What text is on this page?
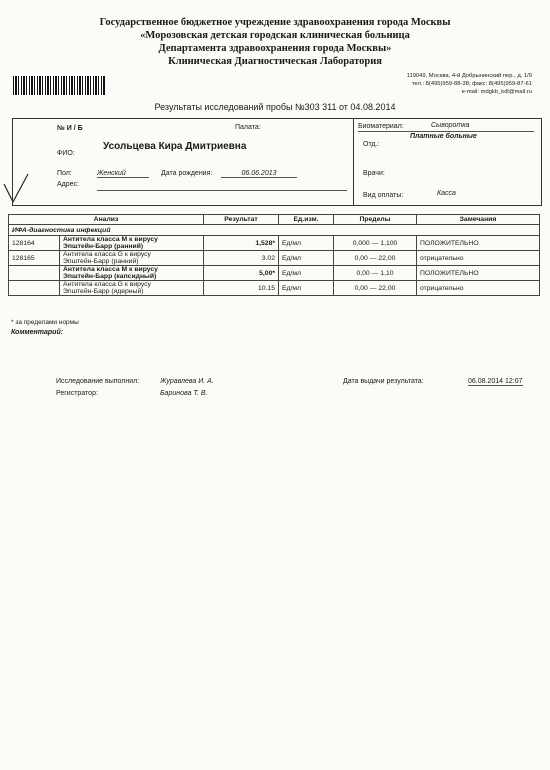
Государственное бюджетное учреждение здравоохранения города Москвы
«Морозовская детская городская клиническая больница
Департамента здравоохранения города Москвы»
Клиническая Диагностическая Лаборатория
119049, Москва, 4-й Добрынинский пер., д. 1/9
тел.: 8(495)959-88-38; факс: 8(495)959-87-61
e-mail: mdgkb_kdl@mail.ru
Результаты исследований пробы №303 311 от 04.08.2014
№ И / Б	Палата:
ФИО:
Усольцева Кира Дмитриевна
Пол:	Женский	Дата рождения:	06.06.2013
Адрес:
Биоматериал:	Сыворотка
Платные больные
Отд.:
Врачи:
Вид оплаты:	Касса
Анализ	Результат	Ед.изм.	Пределы	Замечания
ИФА-диагностика инфекций				

128164 Антитела класса М к вирусу
Эпштейн-Барр (ранний)	1,528*	Ед/мл	0,000 — 1,100	ПОЛОЖИТЕЛЬНО

128165 Антитела класса G к вирусу
Эпштейн-Барр (ранний)	3.02	Ед/мл	0,00 — 22,00	отрицательно

Антитела класса М к вирусу
Эпштейн-Барр (капсидный)	5,00*	Ед/мл	0,00 — 1,10	ПОЛОЖИТЕЛЬНО

Антитела класса G к вирусу
Эпштейн-Барр (ядерный)	10.15	Ед/мл	0,00 — 22,00	отрицательно
* за пределами нормы
Комментарий:
Исследование выполнил:	Журавлева И. А.
Регистратор:	Баринова Т. В.
Дата выдачи результата:	06.08.2014 12:07
